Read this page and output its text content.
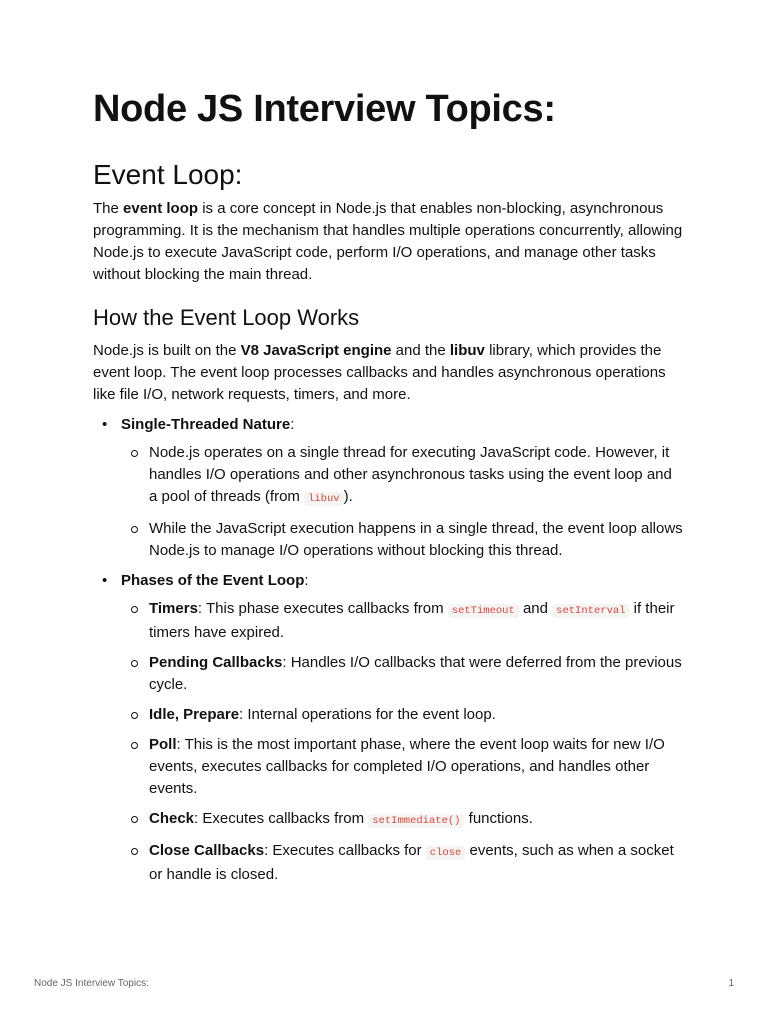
Node JS Interview Topics:
Event Loop:

The event loop is a core concept in Node.js that enables non-blocking, asynchronous programming. It is the mechanism that handles multiple operations concurrently, allowing Node.js to execute JavaScript code, perform I/O operations, and manage other tasks without blocking the main thread.

How the Event Loop Works

Node.js is built on the V8 JavaScript engine and the libuv library, which provides the event loop. The event loop processes callbacks and handles asynchronous operations like file I/O, network requests, timers, and more.

• Single-Threaded Nature:
Node.js operates on a single thread for executing JavaScript code. However, it handles I/O operations and other asynchronous tasks using the event loop and a pool of threads (from libuv ).
While the JavaScript execution happens in a single thread, the event loop allows Node.js to manage I/O operations without blocking this thread.
• Phases of the Event Loop:
Timers: This phase executes callbacks from setTimeout and setInterval if their timers have expired.
Pending Callbacks: Handles I/O callbacks that were deferred from the previous cycle.
Idle, Prepare: Internal operations for the event loop.
Poll: This is the most important phase, where the event loop waits for new I/O events, executes callbacks for completed I/O operations, and handles other events.
Check: Executes callbacks from setImmediate() functions.
Close Callbacks: Executes callbacks for close events, such as when a socket or handle is closed.
Node JS Interview Topics:	1
